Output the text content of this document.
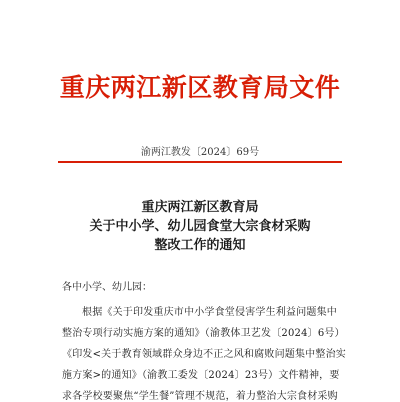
重庆两江新区教育局文件
渝两江教发〔2024〕69号
重庆两江新区教育局
关于中小学、幼儿园食堂大宗食材采购
整改工作的通知
各中小学、幼儿园：
根据《关于印发重庆市中小学食堂侵害学生利益问题集中
整治专项行动实施方案的通知》（渝教体卫艺发〔2024〕6号）
《印发<关于教育领域群众身边不正之风和腐败问题集中整治实
施方案>的通知》（渝教工委发〔2024〕23号）文件精神，要
求各学校要聚焦“学生餐”管理不规范，着力整治大宗食材采购
